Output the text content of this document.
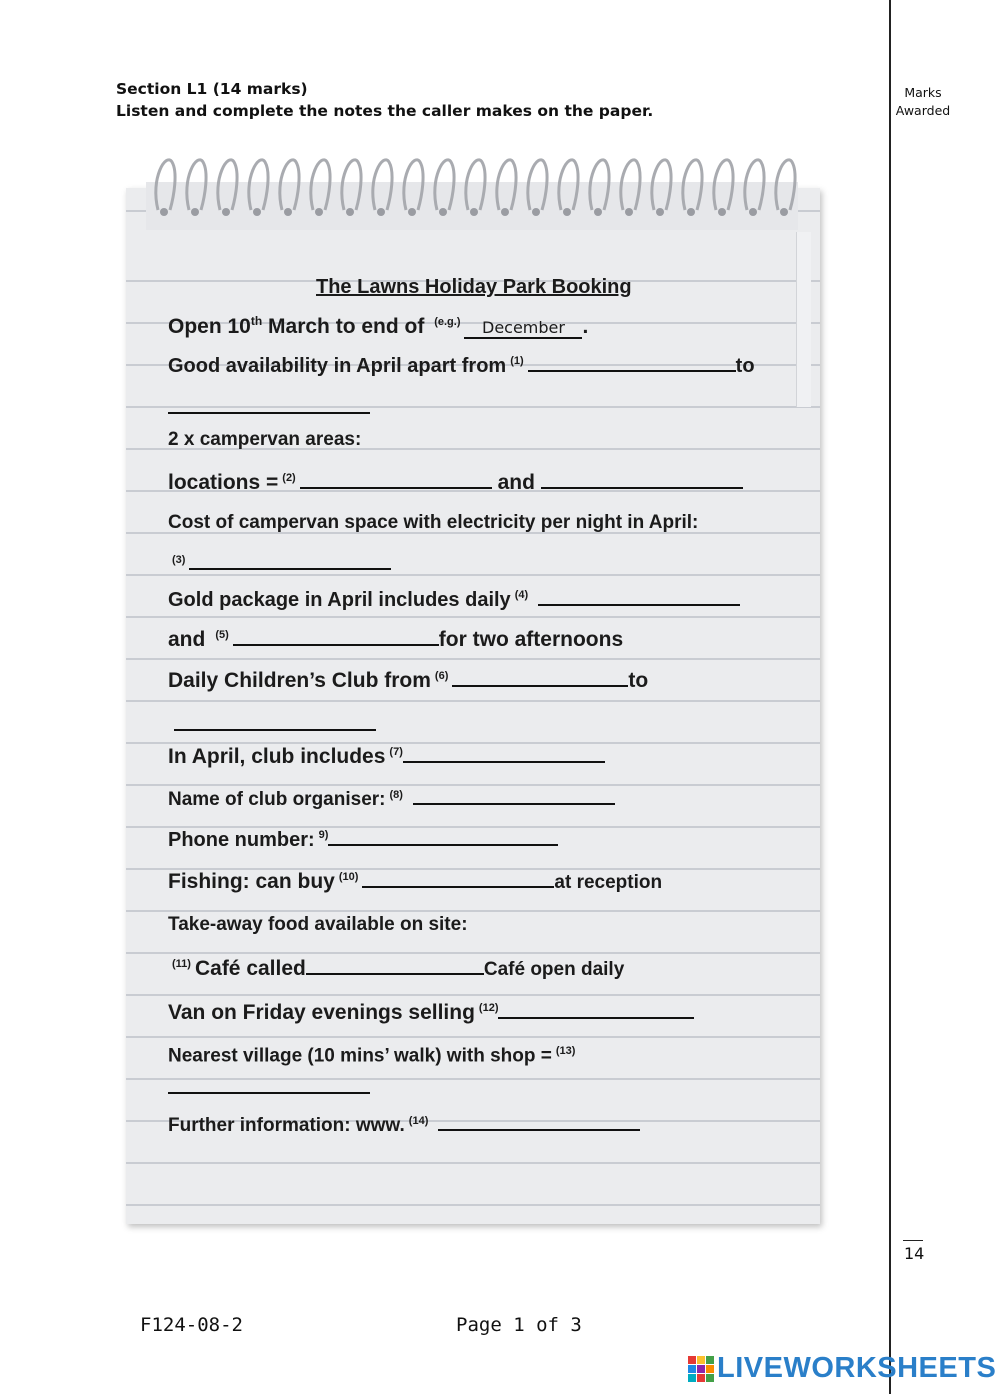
Section L1 (14 marks)
Listen and complete the notes the caller makes on the paper.
Marks
Awarded
The Lawns Holiday Park Booking
Open 10th March to end of $^{(e.g.)}$ December .
Good availability in April apart from $^{(1)}$	to
2 x campervan areas:
locations = $^{(2)}$	and
Cost of campervan space with electricity per night in April:
$^{(3)}$
Gold package in April includes daily $^{(4)}$
and $^{(5)}$	for two afternoons
Daily Children’s Club from $^{(6)}$	to
In April, club includes $^{(7)}$
Name of club organiser: $^{(8)}$
Phone number: $^{9)}$
Fishing: can buy $^{(10)}$	at reception
Take-away food available on site:
$^{(11)}$ Café called	Café open daily
Van on Friday evenings selling $^{(12)}$
Nearest village (10 mins’ walk) with shop = $^{(13)}$
Further information: www. $^{(14)}$
14
F124-08-2	Page 1 of 3
LIVEWORKSHEETS
